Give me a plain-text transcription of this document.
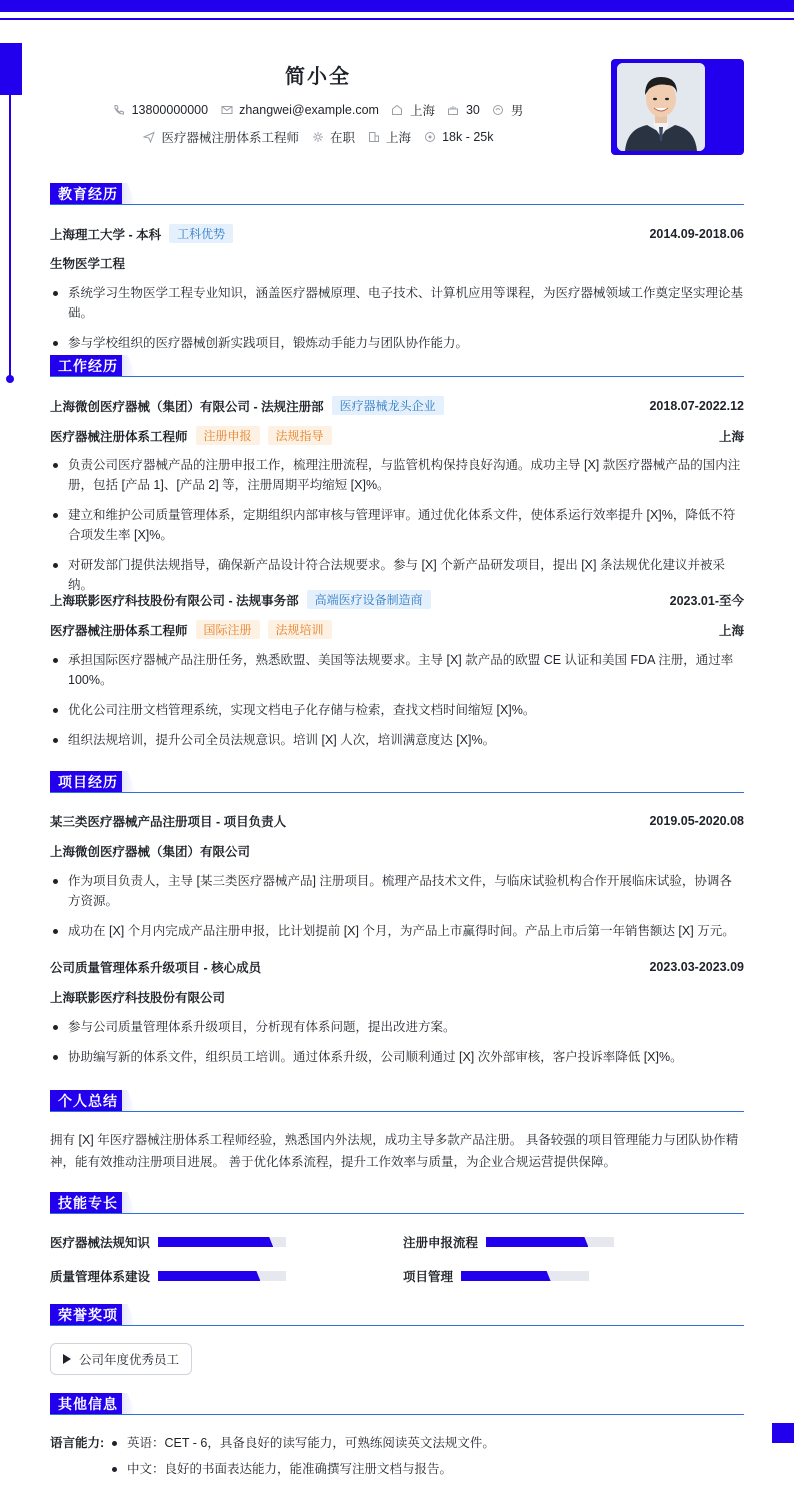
简小全
13800000000 zhangwei@example.com 上海 30 男
医疗器械注册体系工程师 在职 上海 18k - 25k
教育经历
上海理工大学 - 本科	工科优势	2014.09-2018.06
生物医学工程
系统学习生物医学工程专业知识，涵盖医疗器械原理、电子技术、计算机应用等课程，为医疗器械领域工作奠定坚实理论基础。
参与学校组织的医疗器械创新实践项目，锻炼动手能力与团队协作能力。
工作经历
上海微创医疗器械（集团）有限公司 - 法规注册部	医疗器械龙头企业	2018.07-2022.12
医疗器械注册体系工程师	注册申报	法规指导	上海
负责公司医疗器械产品的注册申报工作，梳理注册流程，与监管机构保持良好沟通。成功主导 [X] 款医疗器械产品的国内注册，包括 [产品 1]、[产品 2] 等，注册周期平均缩短 [X]%。
建立和维护公司质量管理体系，定期组织内部审核与管理评审。通过优化体系文件，使体系运行效率提升 [X]%，降低不符合项发生率 [X]%。
对研发部门提供法规指导，确保新产品设计符合法规要求。参与 [X] 个新产品研发项目，提出 [X] 条法规优化建议并被采纳。
上海联影医疗科技股份有限公司 - 法规事务部	高端医疗设备制造商	2023.01-至今
医疗器械注册体系工程师	国际注册	法规培训	上海
承担国际医疗器械产品注册任务，熟悉欧盟、美国等法规要求。主导 [X] 款产品的欧盟 CE 认证和美国 FDA 注册，通过率 100%。
优化公司注册文档管理系统，实现文档电子化存储与检索，查找文档时间缩短 [X]%。
组织法规培训，提升公司全员法规意识。培训 [X] 人次，培训满意度达 [X]%。
项目经历
某三类医疗器械产品注册项目 - 项目负责人	2019.05-2020.08
上海微创医疗器械（集团）有限公司
作为项目负责人，主导 [某三类医疗器械产品] 注册项目。梳理产品技术文件，与临床试验机构合作开展临床试验，协调各方资源。
成功在 [X] 个月内完成产品注册申报，比计划提前 [X] 个月，为产品上市赢得时间。产品上市后第一年销售额达 [X] 万元。
公司质量管理体系升级项目 - 核心成员	2023.03-2023.09
上海联影医疗科技股份有限公司
参与公司质量管理体系升级项目，分析现有体系问题，提出改进方案。
协助编写新的体系文件，组织员工培训。通过体系升级，公司顺利通过 [X] 次外部审核，客户投诉率降低 [X]%。
个人总结
拥有 [X] 年医疗器械注册体系工程师经验，熟悉国内外法规，成功主导多款产品注册。 具备较强的项目管理能力与团队协作精神，能有效推动注册项目进展。 善于优化体系流程，提升工作效率与质量，为企业合规运营提供保障。
技能专长
医疗器械法规知识	注册申报流程
质量管理体系建设	项目管理
荣誉奖项
公司年度优秀员工
其他信息
语言能力:	英语：CET - 6，具备良好的读写能力，可熟练阅读英文法规文件。
中文：良好的书面表达能力，能准确撰写注册文档与报告。
